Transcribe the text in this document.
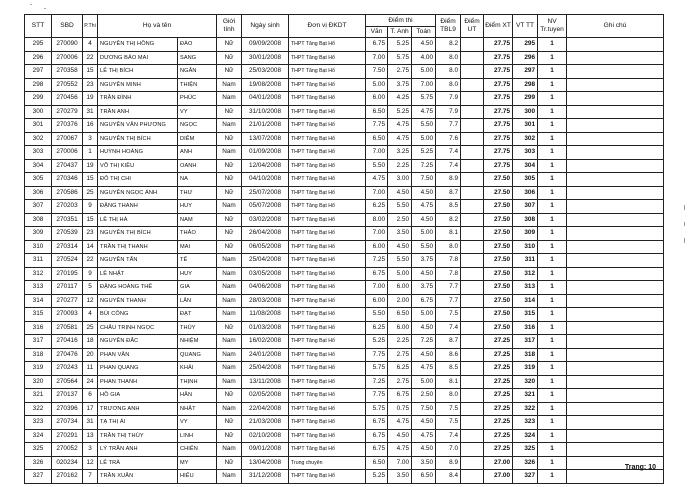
STT	SBD	P.Thi	Họ và tên		Giới tính	Ngày sinh	Đơn vị ĐKDT	Điểm thi			Điểm TBL9	Điểm UT	Điểm XT	VT TT	NV Tr.tuyen	Ghi chú
								Văn	T. Anh	Toán						
295	270090	4	NGUYỄN THỊ HỒNG	ĐÀO	Nữ	09/09/2008	THPT Tăng Bạt Hổ	6.75	5.25	4.50	8.2		27.75	295	1	
296	270006	22	DƯƠNG BẢO MAI	SANG	Nữ	30/01/2008	THPT Tăng Bạt Hổ	7.00	5.75	4.00	8.0		27.75	296	1	
297	270358	15	LÊ THỊ BÍCH	NGÂN	Nữ	25/03/2008	THPT Tăng Bạt Hổ	7.50	2.75	5.00	8.0		27.75	297	1	
298	270552	23	NGUYỄN MINH	THIỆN	Nam	19/08/2008	THPT Tăng Bạt Hổ	5.00	3.75	7.00	8.0		27.75	298	1	
299	270456	19	TRẦN ĐÌNH	PHÚC	Nam	04/01/2008	THPT Tăng Bạt Hổ	6.00	4.25	5.75	7.9		27.75	299	1	
300	270279	31	TRẦN ANH	VY	Nữ	31/10/2008	THPT Tăng Bạt Hổ	6.50	5.25	4.75	7.9		27.75	300	1	
301	270376	16	NGUYỄN VĂN PHƯƠNG	NGỌC	Nam	21/01/2008	THPT Tăng Bạt Hổ	7.75	4.75	5.50	7.7		27.75	301	1	
302	270067	3	NGUYỄN THỊ BÍCH	DIỄM	Nữ	13/07/2008	THPT Tăng Bạt Hổ	6.50	4.75	5.00	7.6		27.75	302	1	
303	270006	1	HUỲNH HOÀNG	ANH	Nam	01/09/2008	THPT Tăng Bạt Hổ	7.00	3.25	5.25	7.4		27.75	303	1	
304	270437	19	VÕ THỊ KIỀU	OANH	Nữ	12/04/2008	THPT Tăng Bạt Hổ	5.50	2.25	7.25	7.4		27.75	304	1	
305	270346	15	ĐỖ THỊ CHI	NA	Nữ	04/10/2008	THPT Tăng Bạt Hổ	4.75	3.00	7.50	8.9		27.50	305	1	
306	270586	25	NGUYỄN NGỌC ÁNH	THƯ	Nữ	25/07/2008	THPT Tăng Bạt Hổ	7.00	4.50	4.50	8.7		27.50	306	1	
307	270203	9	ĐẶNG THANH	HUY	Nam	05/07/2008	THPT Tăng Bạt Hổ	6.25	5.50	4.75	8.5		27.50	307	1	
308	270351	15	LÊ THỊ HÀ	NAM	Nữ	03/02/2008	THPT Tăng Bạt Hổ	8.00	2.50	4.50	8.2		27.50	308	1	
309	270539	23	NGUYỄN THỊ BÍCH	THẢO	Nữ	26/04/2008	THPT Tăng Bạt Hổ	7.00	3.50	5.00	8.1		27.50	309	1	
310	270314	14	TRẦN THỊ THANH	MAI	Nữ	06/05/2008	THPT Tăng Bạt Hổ	6.00	4.50	5.50	8.0		27.50	310	1	
311	270524	22	NGUYỄN TẤN	TẾ	Nam	25/04/2008	THPT Tăng Bạt Hổ	7.25	5.50	3.75	7.8		27.50	311	1	
312	270195	9	LÊ NHẬT	HUY	Nam	03/05/2008	THPT Tăng Bạt Hổ	6.75	5.00	4.50	7.8		27.50	312	1	
313	270117	5	ĐẶNG HOÀNG THẾ	GIA	Nam	04/06/2008	THPT Tăng Bạt Hổ	7.00	6.00	3.75	7.7		27.50	313	1	
314	270277	12	NGUYỄN THANH	LÂN	Nam	28/03/2008	THPT Tăng Bạt Hổ	6.00	2.00	6.75	7.7		27.50	314	1	
315	270093	4	BÙI CÔNG	ĐẠT	Nam	11/08/2008	THPT Tăng Bạt Hổ	5.50	6.50	5.00	7.5		27.50	315	1	
316	270581	25	CHÂU TRỊNH NGỌC	THÚY	Nữ	01/03/2008	THPT Tăng Bạt Hổ	6.25	6.00	4.50	7.4		27.50	316	1	
317	270416	18	NGUYỄN ĐẮC	NHIỆM	Nam	16/02/2008	THPT Tăng Bạt Hổ	5.25	2.25	7.25	8.7		27.25	317	1	
318	270476	20	PHAN VĂN	QUANG	Nam	24/01/2008	THPT Tăng Bạt Hổ	7.75	2.75	4.50	8.6		27.25	318	1	
319	270243	11	PHAN QUANG	KHẢI	Nam	25/04/2008	THPT Tăng Bạt Hổ	5.75	6.25	4.75	8.5		27.25	319	1	
320	270564	24	PHAN THANH	THỊNH	Nam	13/11/2008	THPT Tăng Bạt Hổ	7.25	2.75	5.00	8.1		27.25	320	1	
321	270137	6	HỒ GIA	HÂN	Nữ	02/05/2008	THPT Tăng Bạt Hổ	7.75	6.75	2.50	8.0		27.25	321	1	
322	270396	17	TRƯƠNG ANH	NHẬT	Nam	22/04/2008	THPT Tăng Bạt Hổ	5.75	0.75	7.50	7.5		27.25	322	1	
323	270734	31	TẠ THỊ ÁI	VY	Nữ	21/03/2008	THPT Tăng Bạt Hổ	6.75	4.75	4.50	7.5		27.25	323	1	
324	270291	13	TRẦN THỊ THÙY	LINH	Nữ	02/10/2008	THPT Tăng Bạt Hổ	6.75	4.50	4.75	7.4		27.25	324	1	
325	270052	3	LÝ TRẦN ANH	CHIẾN	Nam	09/01/2008	THPT Tăng Bạt Hổ	6.75	4.75	4.50	7.0		27.25	325	1	
326	020234	12	LÊ TRÀ	MY	Nữ	13/04/2008	Trung chuyên	6.50	7.00	3.50	8.9		27.00	326	1	
327	270162	7	TRẦN XUÂN	HIẾU	Nam	31/12/2008	THPT Tăng Bạt Hổ	5.25	3.50	6.50	8.4		27.00	327	1	
Trang: 10
